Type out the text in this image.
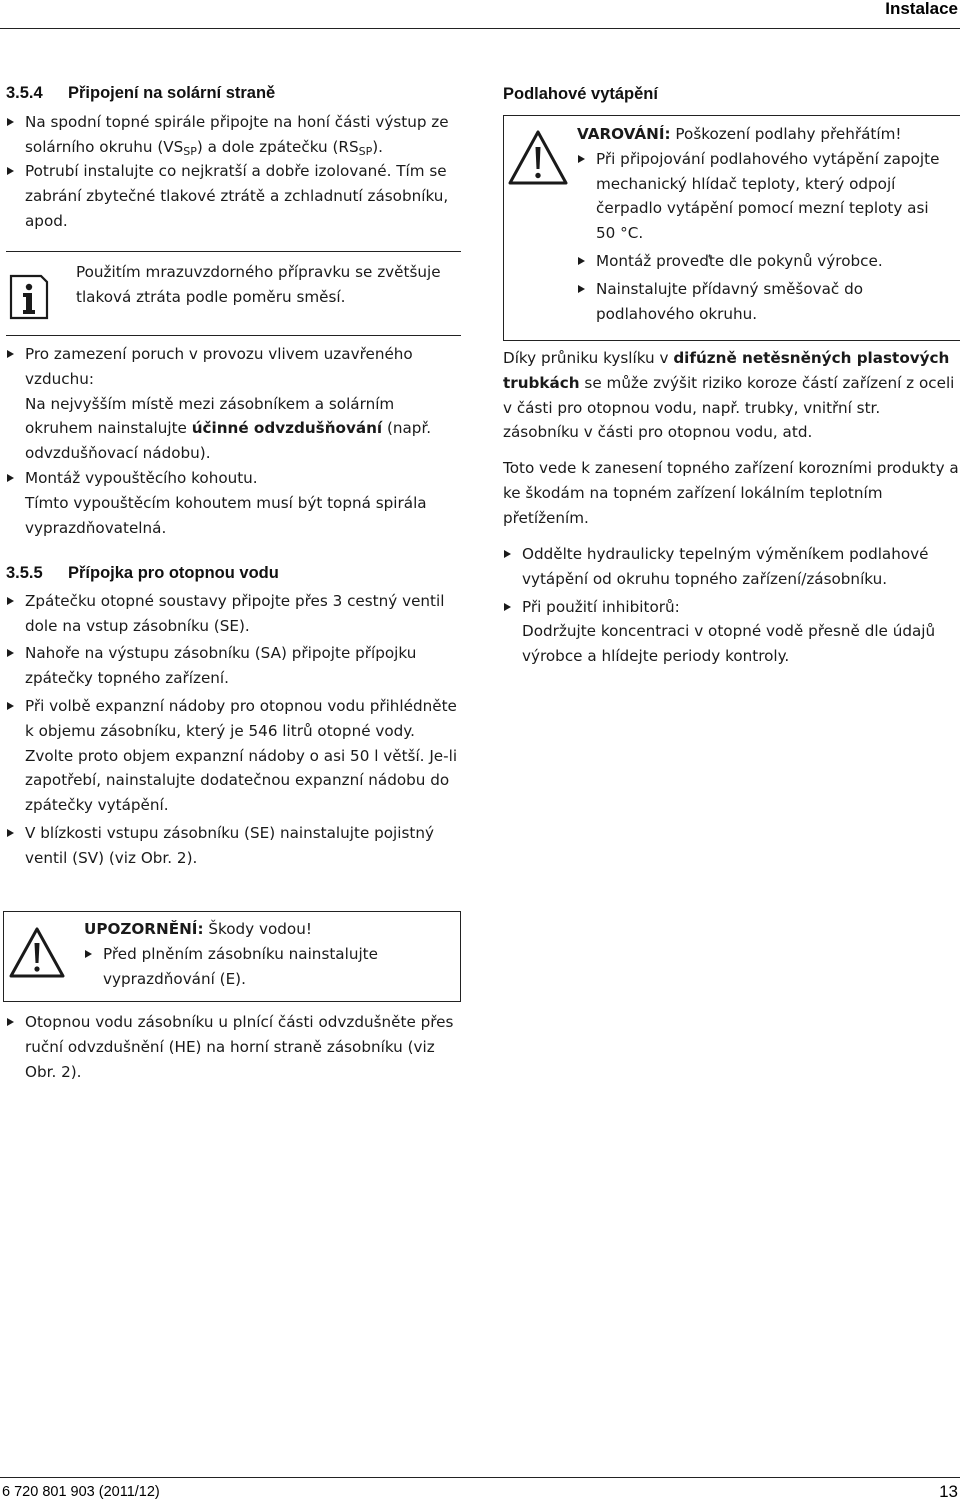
Instalace
3.5.4 Připojení na solární straně
Na spodní topné spirále připojte na honí části výstup ze solárního okruhu $(VS_{SP})$ a dole zpátečku $(RS_{SP})$.
Potrubí instalujte co nejkratší a dobře izolované. Tím se zabrání zbytečné tlakové ztrátě a zchladnutí zásobníku, apod.
Použitím mrazuvzdorného přípravku se zvětšuje tlaková ztráta podle poměru směsí.
Pro zamezení poruch v provozu vlivem uzavřeného vzduchu:
Na nejvyšším místě mezi zásobníkem a solárním okruhem nainstalujte účinné odvzdušňování (např. odvzdušňovací nádobu).
Montáž vypouštěcího kohoutu.
Tímto vypouštěcím kohoutem musí být topná spirála vyprazdňovatelná.
3.5.5 Přípojka pro otopnou vodu
Zpátečku otopné soustavy připojte přes 3 cestný ventil dole na vstup zásobníku (SE).
Nahoře na výstupu zásobníku (SA) připojte přípojku zpátečky topného zařízení.
Při volbě expanzní nádoby pro otopnou vodu přihlédněte k objemu zásobníku, který je 546 litrů otopné vody.
Zvolte proto objem expanzní nádoby o asi 50 l větší. Je-li zapotřebí, nainstalujte dodatečnou expanzní nádobu do zpátečky vytápění.
V blízkosti vstupu zásobníku (SE) nainstalujte pojistný ventil (SV) (viz Obr. 2).
UPOZORNĚNÍ: Škody vodou!
Před plněním zásobníku nainstalujte vyprazdňování (E).
Otopnou vodu zásobníku u plnící části odvzdušněte přes ruční odvzdušnění (HE) na horní straně zásobníku (viz Obr. 2).
Podlahové vytápění
VAROVÁNÍ: Poškození podlahy přehřátím!
Při připojování podlahového vytápění zapojte mechanický hlídač teploty, který odpojí čerpadlo vytápění pomocí mezní teploty asi 50 °C.
Montáž proveďte dle pokynů výrobce.
Nainstalujte přídavný směšovač do podlahového okruhu.
Díky průniku kyslíku v difúzně netěsněných plastových trubkách se může zvýšit riziko koroze částí zařízení z oceli v části pro otopnou vodu, např. trubky, vnitřní str. zásobníku v části pro otopnou vodu, atd.
Toto vede k zanesení topného zařízení korozními produkty a ke škodám na topném zařízení lokálním teplotním přetížením.
Oddělte hydraulicky tepelným výměníkem podlahové vytápění od okruhu topného zařízení/zásobníku.
Při použití inhibitorů:
Dodržujte koncentraci v otopné vodě přesně dle údajů výrobce a hlídejte periody kontroly.
6 720 801 903 (2011/12)	13
